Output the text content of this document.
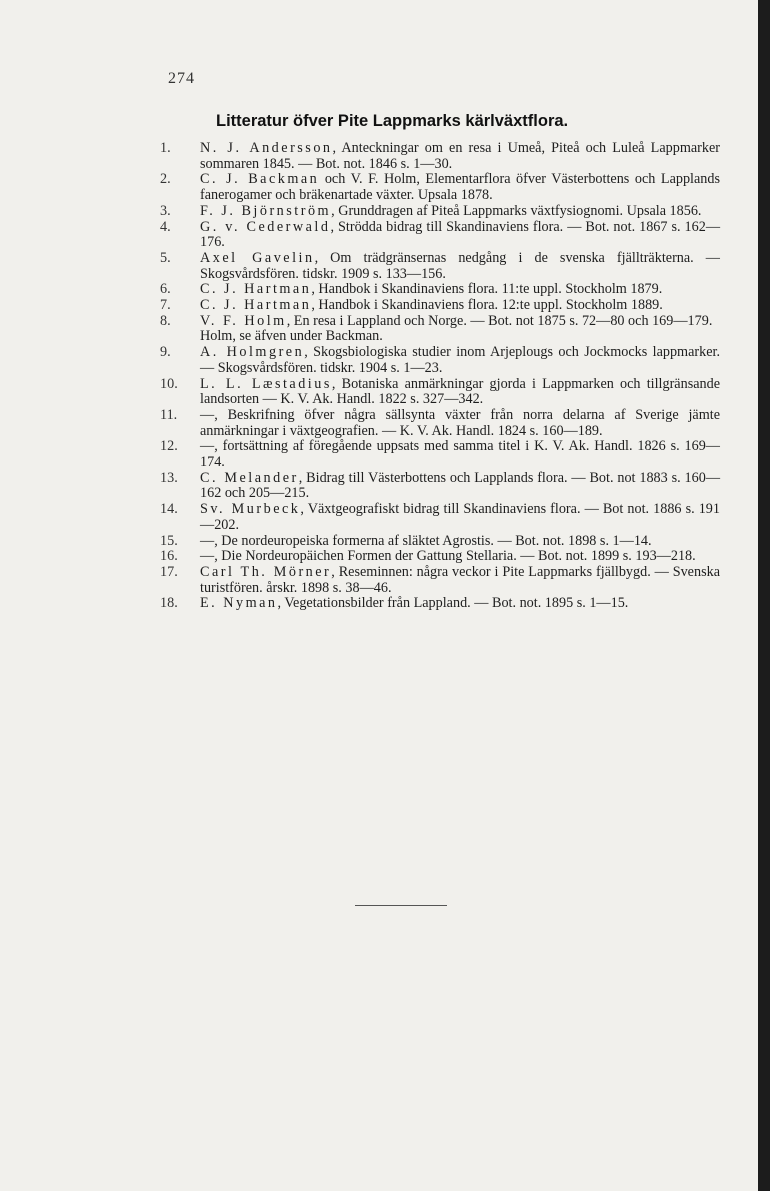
274
Litteratur öfver Pite Lappmarks kärlväxtflora.
1.	N. J. Andersson, Anteckningar om en resa i Umeå, Piteå och Luleå Lappmarker sommaren 1845. — Bot. not. 1846 s. 1—30.
2.	C. J. Backman och V. F. Holm, Elementarflora öfver Västerbottens och Lapplands fanerogamer och bräkenartade växter. Upsala 1878.
3.	F. J. Björnström, Grunddragen af Piteå Lappmarks växtfysiognomi. Upsala 1856.
4.	G. v. Cederwald, Strödda bidrag till Skandinaviens flora. — Bot. not. 1867 s. 162—176.
5.	Axel Gavelin, Om trädgränsernas nedgång i de svenska fjällträkterna. — Skogsvårdsfören. tidskr. 1909 s. 133—156.
6.	C. J. Hartman, Handbok i Skandinaviens flora. 11:te uppl. Stockholm 1879.
7.	C. J. Hartman, Handbok i Skandinaviens flora. 12:te uppl. Stockholm 1889.
8.	V. F. Holm, En resa i Lappland och Norge. — Bot. not 1875 s. 72—80 och 169—179.
Holm, se äfven under Backman.
9.	A. Holmgren, Skogsbiologiska studier inom Arjeplougs och Jockmocks lappmarker. — Skogsvårdsfören. tidskr. 1904 s. 1—23.
10.	L. L. Læstadius, Botaniska anmärkningar gjorda i Lappmarken och tillgränsande landsorten — K. V. Ak. Handl. 1822 s. 327—342.
11.	—, Beskrifning öfver några sällsynta växter från norra delarna af Sverige jämte anmärkningar i växtgeografien. — K. V. Ak. Handl. 1824 s. 160—189.
12.	—, fortsättning af föregående uppsats med samma titel i K. V. Ak. Handl. 1826 s. 169—174.
13.	C. Melander, Bidrag till Västerbottens och Lapplands flora. — Bot. not 1883 s. 160—162 och 205—215.
14.	Sv. Murbeck, Växtgeografiskt bidrag till Skandinaviens flora. — Bot not. 1886 s. 191—202.
15.	—, De nordeuropeiska formerna af släktet Agrostis. — Bot. not. 1898 s. 1—14.
16.	—, Die Nordeuropäichen Formen der Gattung Stellaria. — Bot. not. 1899 s. 193—218.
17.	Carl Th. Mörner, Reseminnen: några veckor i Pite Lappmarks fjällbygd. — Svenska turistfören. årskr. 1898 s. 38—46.
18.	E. Nyman, Vegetationsbilder från Lappland. — Bot. not. 1895 s. 1—15.
